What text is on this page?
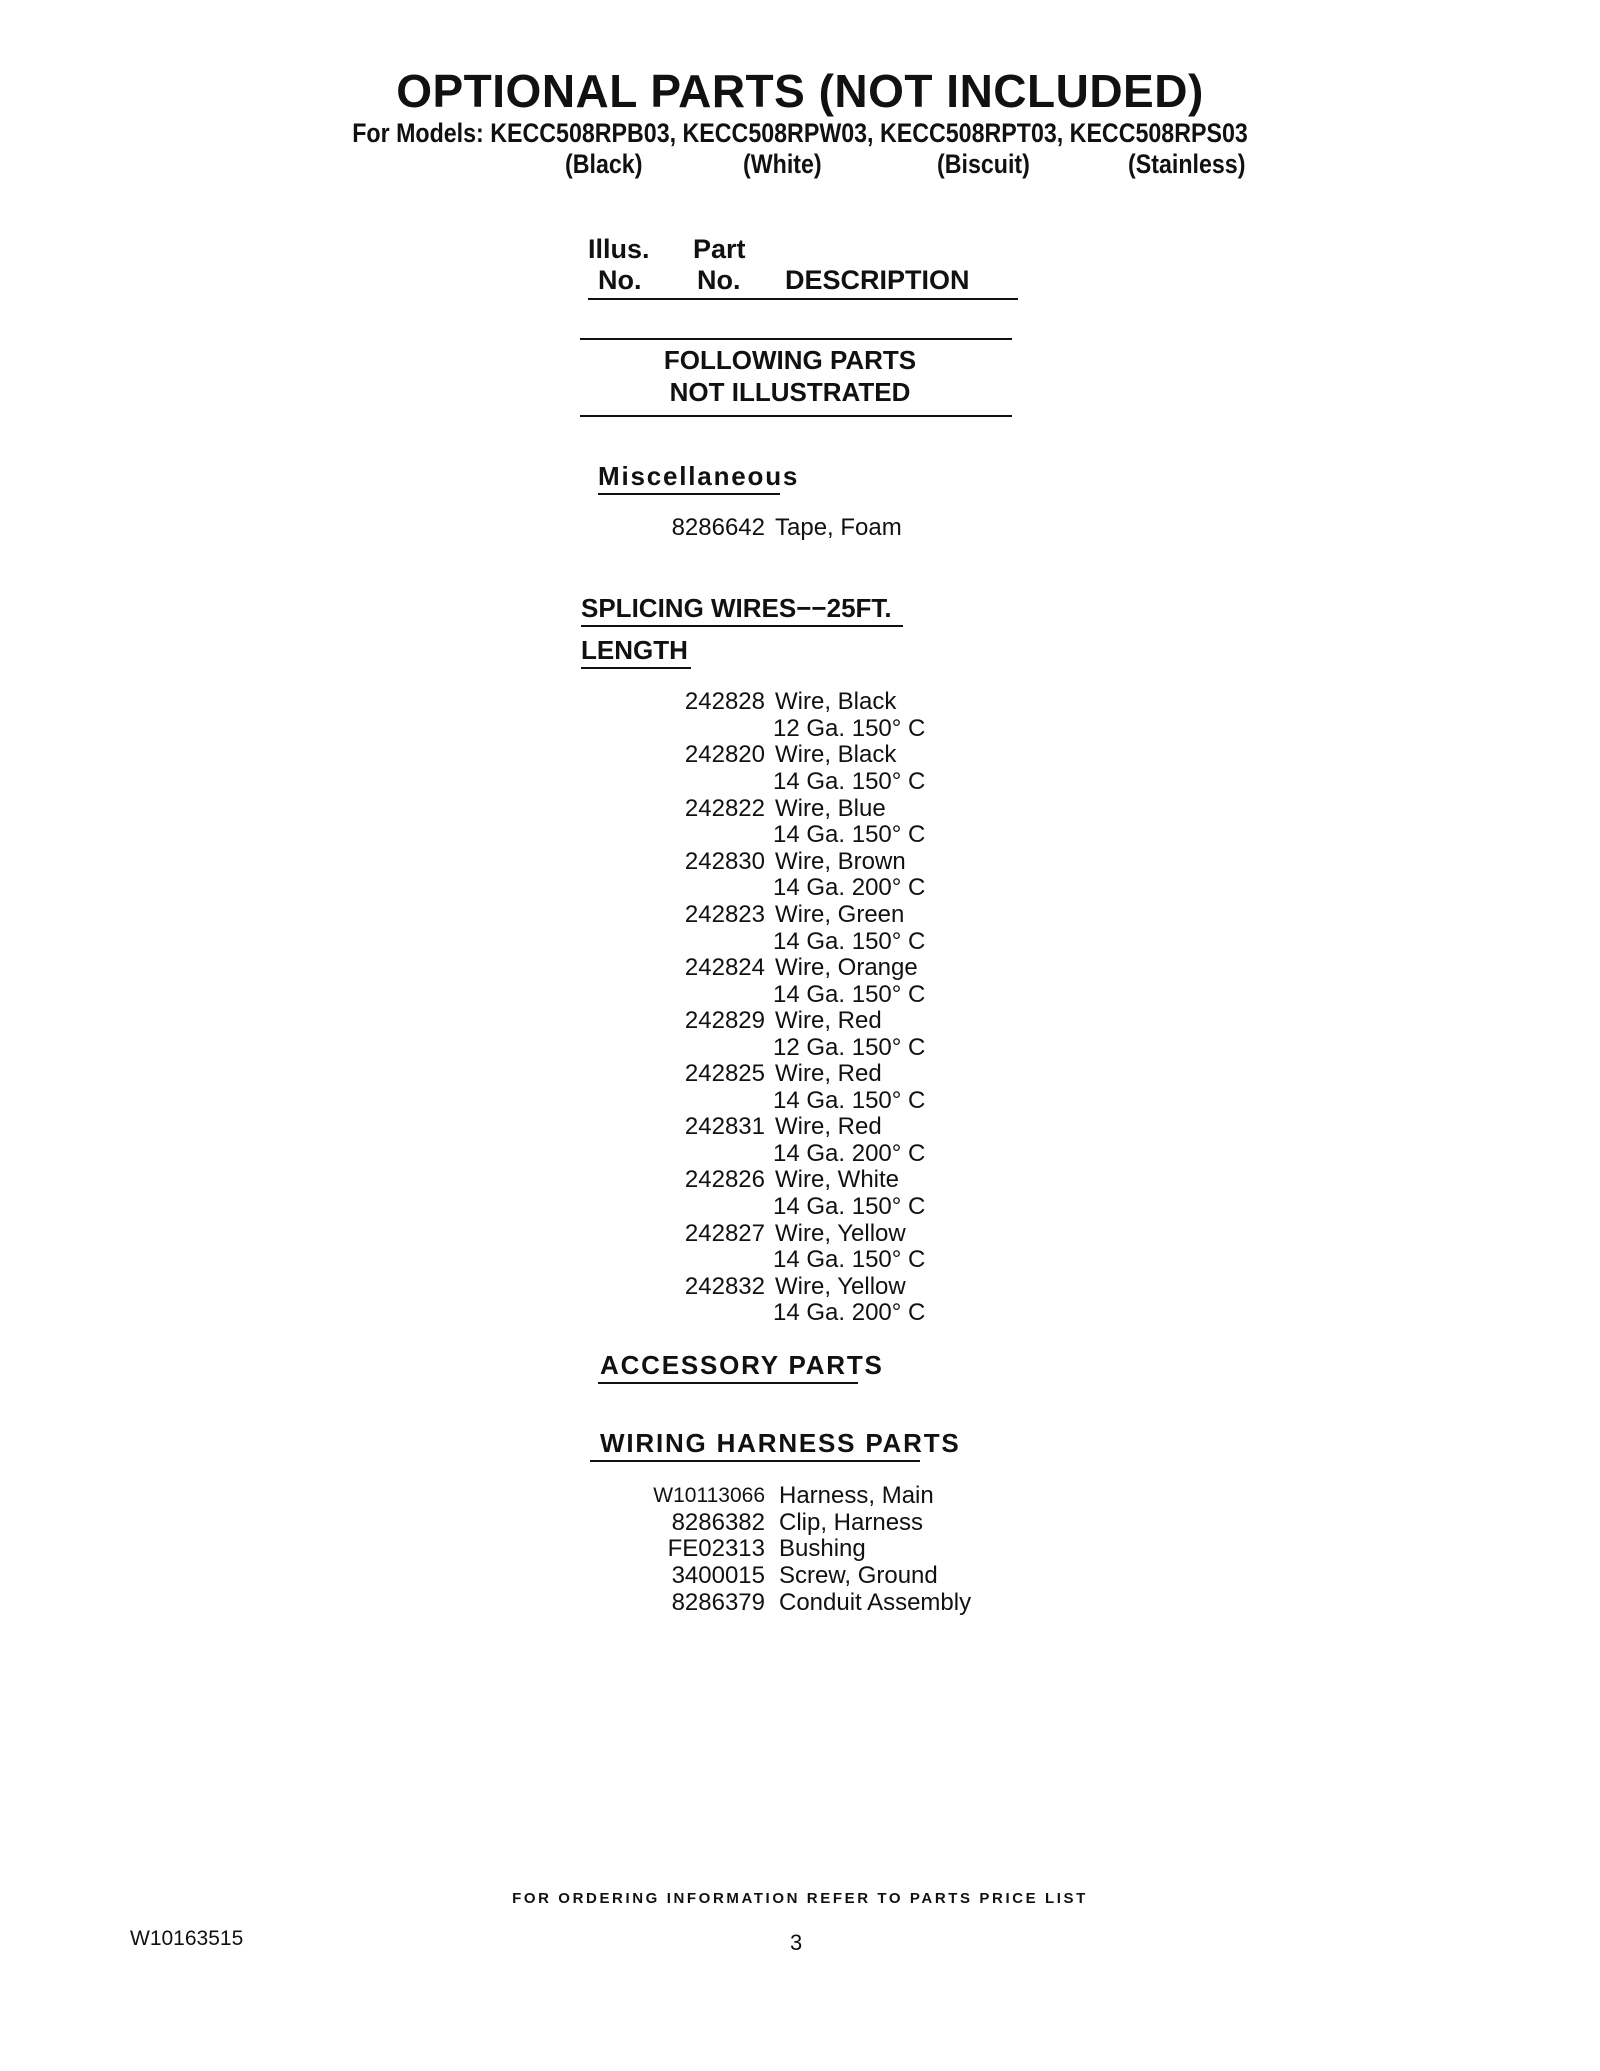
OPTIONAL PARTS (NOT INCLUDED)
For Models: KECC508RPB03, KECC508RPW03, KECC508RPT03, KECC508RPS03
(Black)	(White)	(Biscuit)	(Stainless)
Illus.
No.
Part
No. DESCRIPTION
FOLLOWING PARTS
NOT ILLUSTRATED
Miscellaneous
8286642 Tape, Foam
SPLICING WIRES−−25FT.
LENGTH
242828 Wire, Black
12 Ga. 150° C
242820 Wire, Black
14 Ga. 150° C
242822 Wire, Blue
14 Ga. 150° C
242830 Wire, Brown
14 Ga. 200° C
242823 Wire, Green
14 Ga. 150° C
242824 Wire, Orange
14 Ga. 150° C
242829 Wire, Red
12 Ga. 150° C
242825 Wire, Red
14 Ga. 150° C
242831 Wire, Red
14 Ga. 200° C
242826 Wire, White
14 Ga. 150° C
242827 Wire, Yellow
14 Ga. 150° C
242832 Wire, Yellow
14 Ga. 200° C
ACCESSORY PARTS
WIRING HARNESS PARTS
W10113066 Harness, Main
8286382 Clip, Harness
FE02313 Bushing
3400015 Screw, Ground
8286379 Conduit Assembly
FOR ORDERING INFORMATION REFER TO PARTS PRICE LIST
W10163515	3
